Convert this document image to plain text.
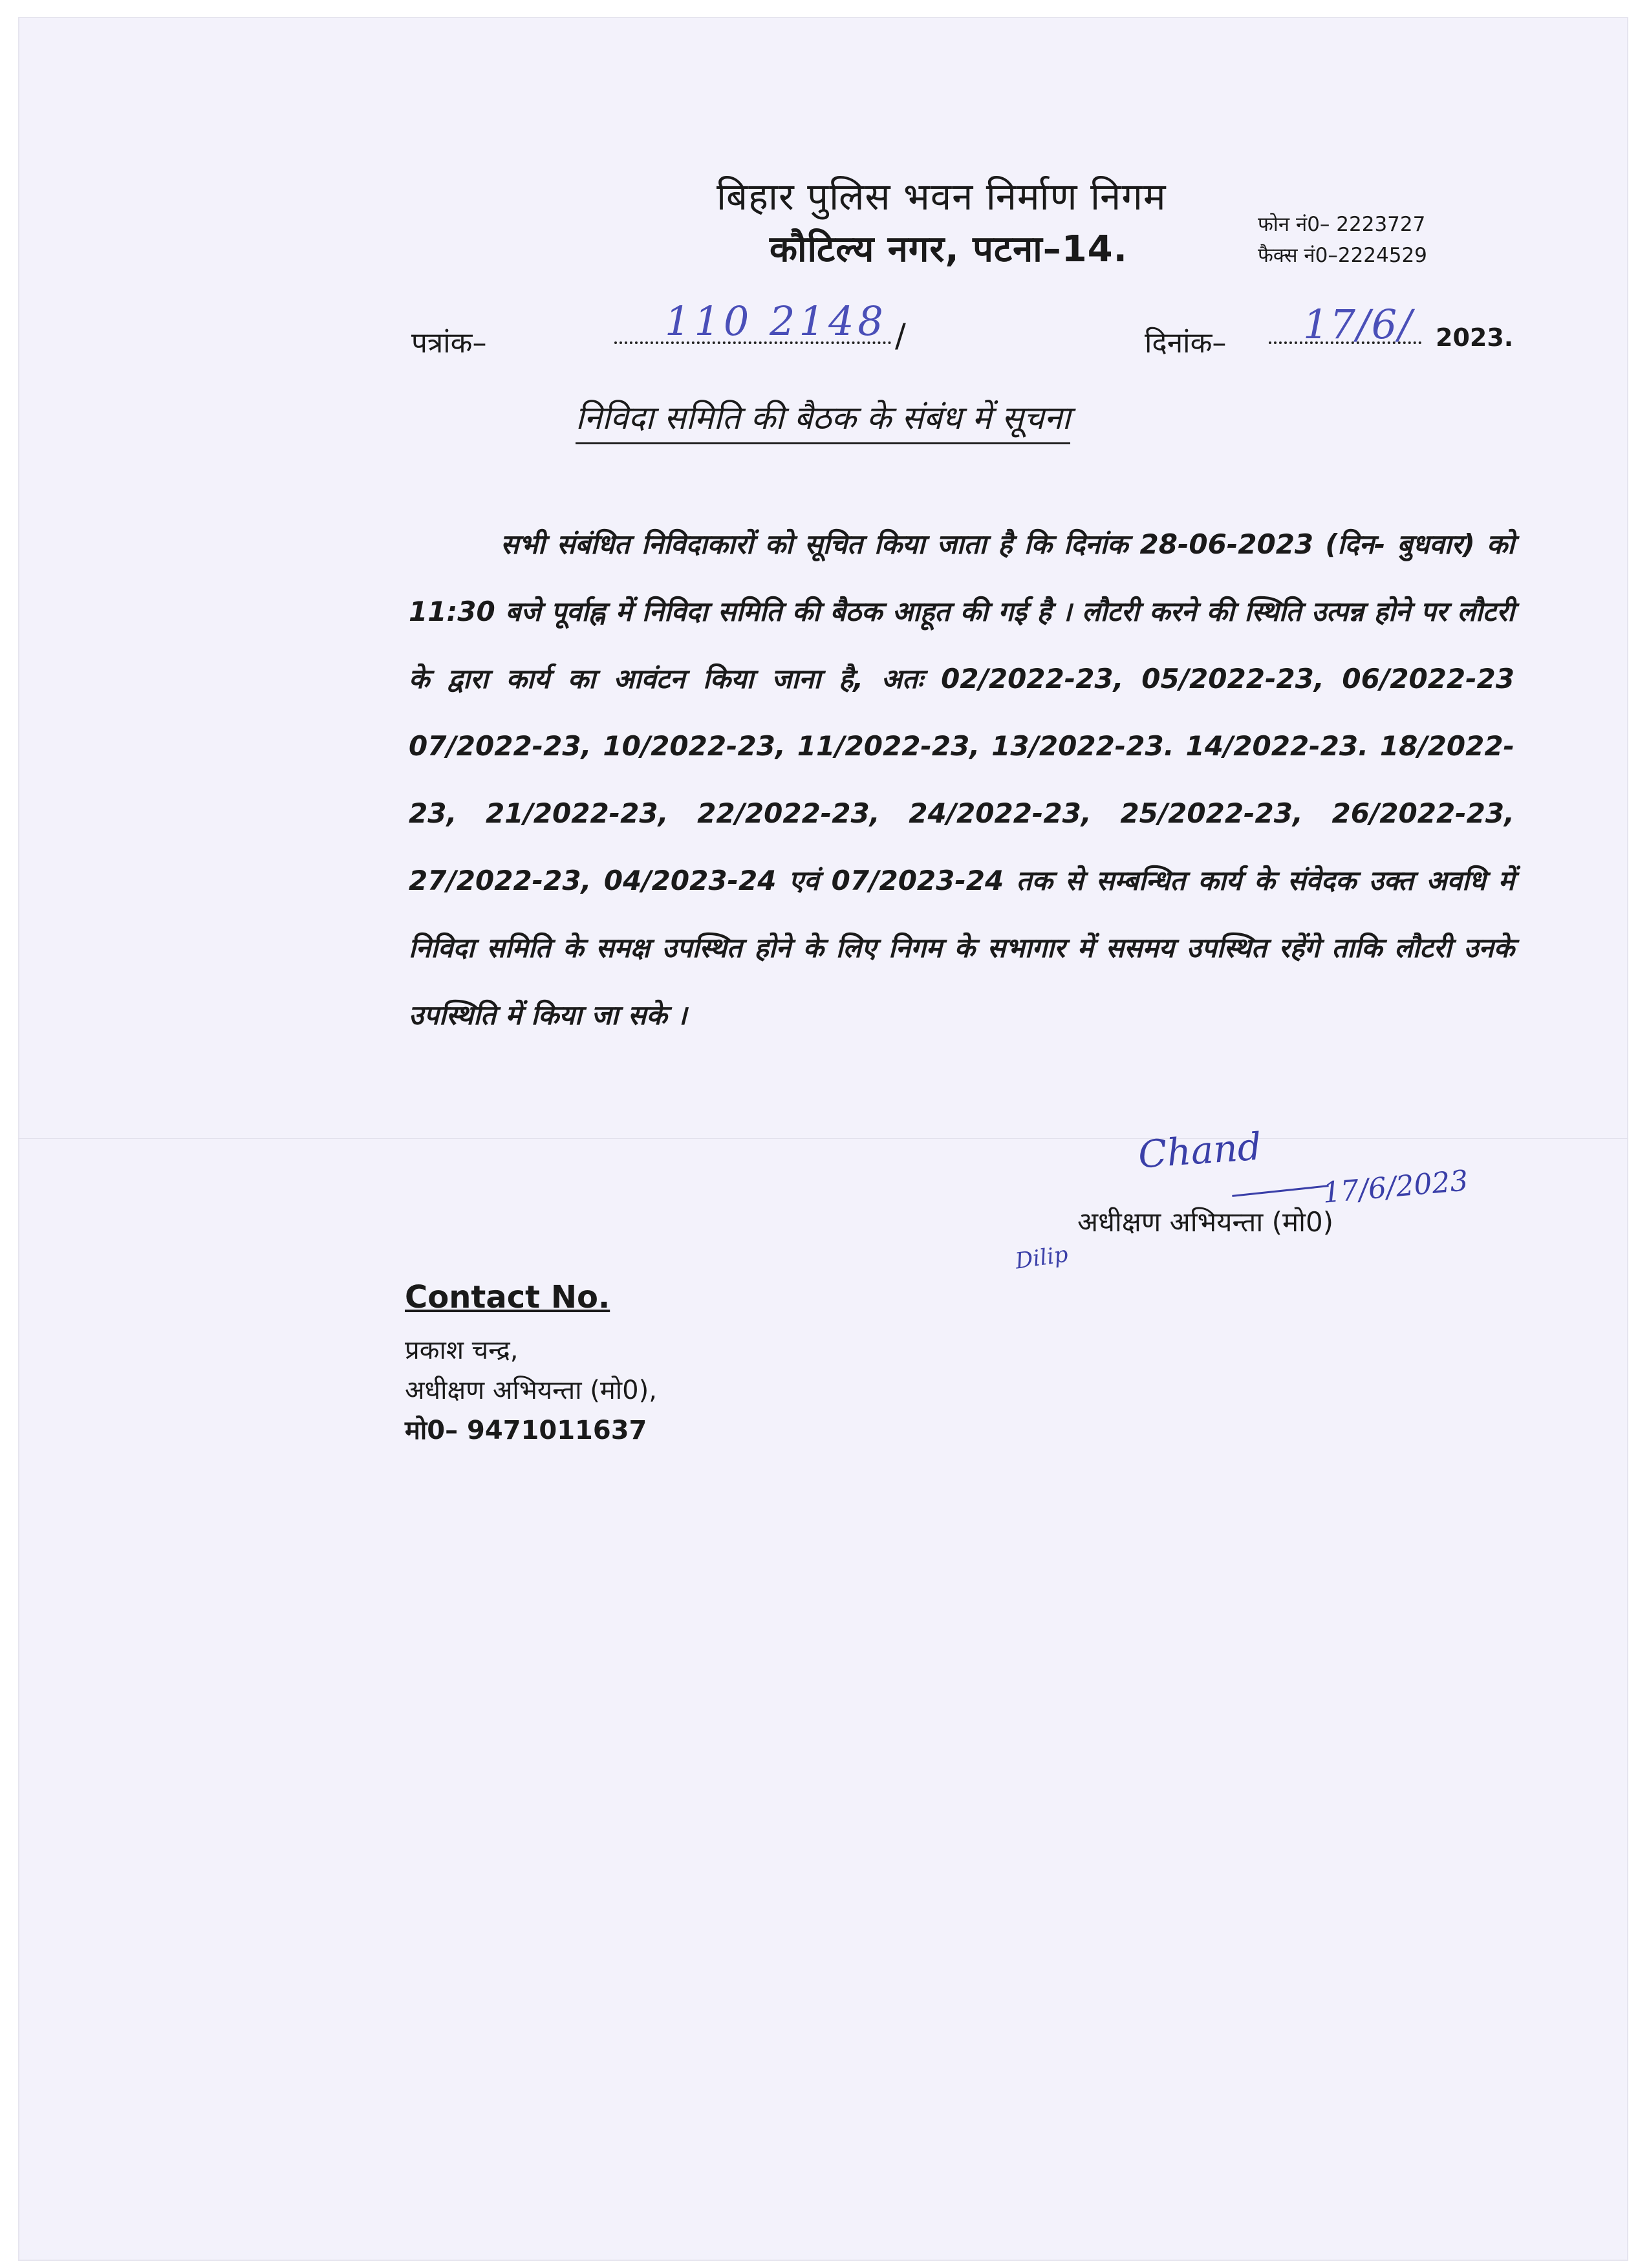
बिहार पुलिस भवन निर्माण निगम
कौटिल्य नगर, पटना–14.
फोन नं0– 2223727
फैक्स नं0–2224529
पत्रांक–	110 2148 /	दिनांक– 17/6/ 2023.
निविदा समिति की बैठक के संबंध में सूचना
सभी संबंधित निविदाकारों को सूचित किया जाता है कि दिनांक 28-06-2023 (दिन- बुधवार) को 11:30 बजे पूर्वाह्न में निविदा समिति की बैठक आहूत की गई है । लौटरी करने की स्थिति उत्पन्न होने पर लौटरी के द्वारा कार्य का आवंटन किया जाना है, अतः 02/2022-23, 05/2022-23, 06/2022-23 07/2022-23, 10/2022-23, 11/2022-23, 13/2022-23. 14/2022-23. 18/2022-23, 21/2022-23, 22/2022-23, 24/2022-23, 25/2022-23, 26/2022-23, 27/2022-23, 04/2023-24 एवं 07/2023-24 तक से सम्बन्धित कार्य के संवेदक उक्त अवधि में निविदा समिति के समक्ष उपस्थित होने के लिए निगम के सभागार में ससमय उपस्थित रहेंगे ताकि लौटरी उनके उपस्थिति में किया जा सके ।
Chand
17/6/2023
अधीक्षण अभियन्ता (मो0)
Dilip
Contact No.
प्रकाश चन्द्र,
अधीक्षण अभियन्ता (मो0),
मो0– 9471011637
